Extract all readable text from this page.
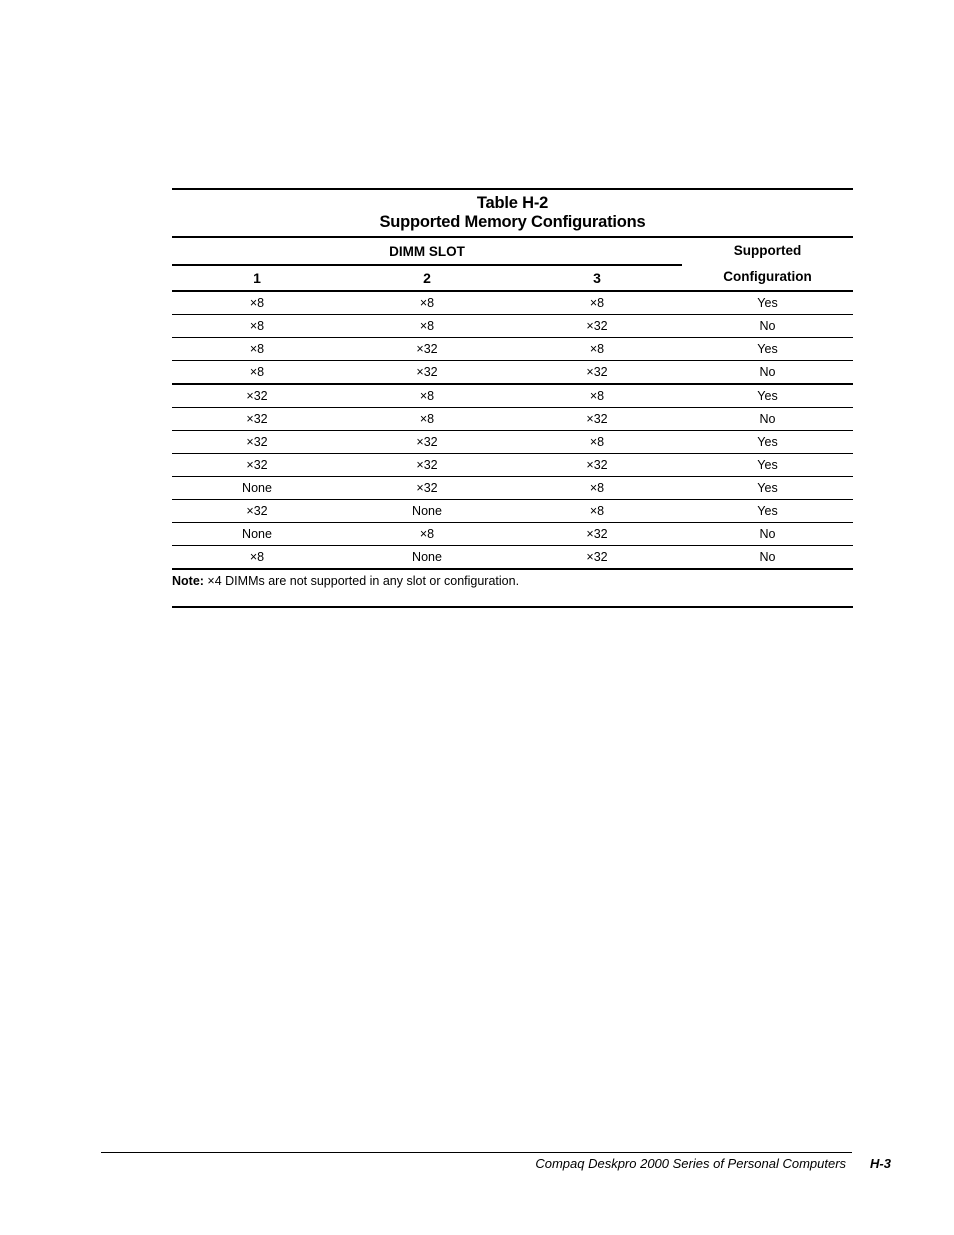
Table H-2
Supported Memory Configurations
DIMM SLOT			Supported
Configuration

1	2	3	
×8	×8	×8	Yes
×8	×8	×32	No
×8	×32	×8	Yes
×8	×32	×32	No
×32	×8	×8	Yes
×32	×8	×32	No
×32	×32	×8	Yes
×32	×32	×32	Yes
None	×32	×8	Yes
×32	None	×8	Yes
None	×8	×32	No
×8	None	×32	No
Note: ×4 DIMMs are not supported in any slot or configuration.
Compaq Deskpro 2000 Series of Personal Computers H-3
